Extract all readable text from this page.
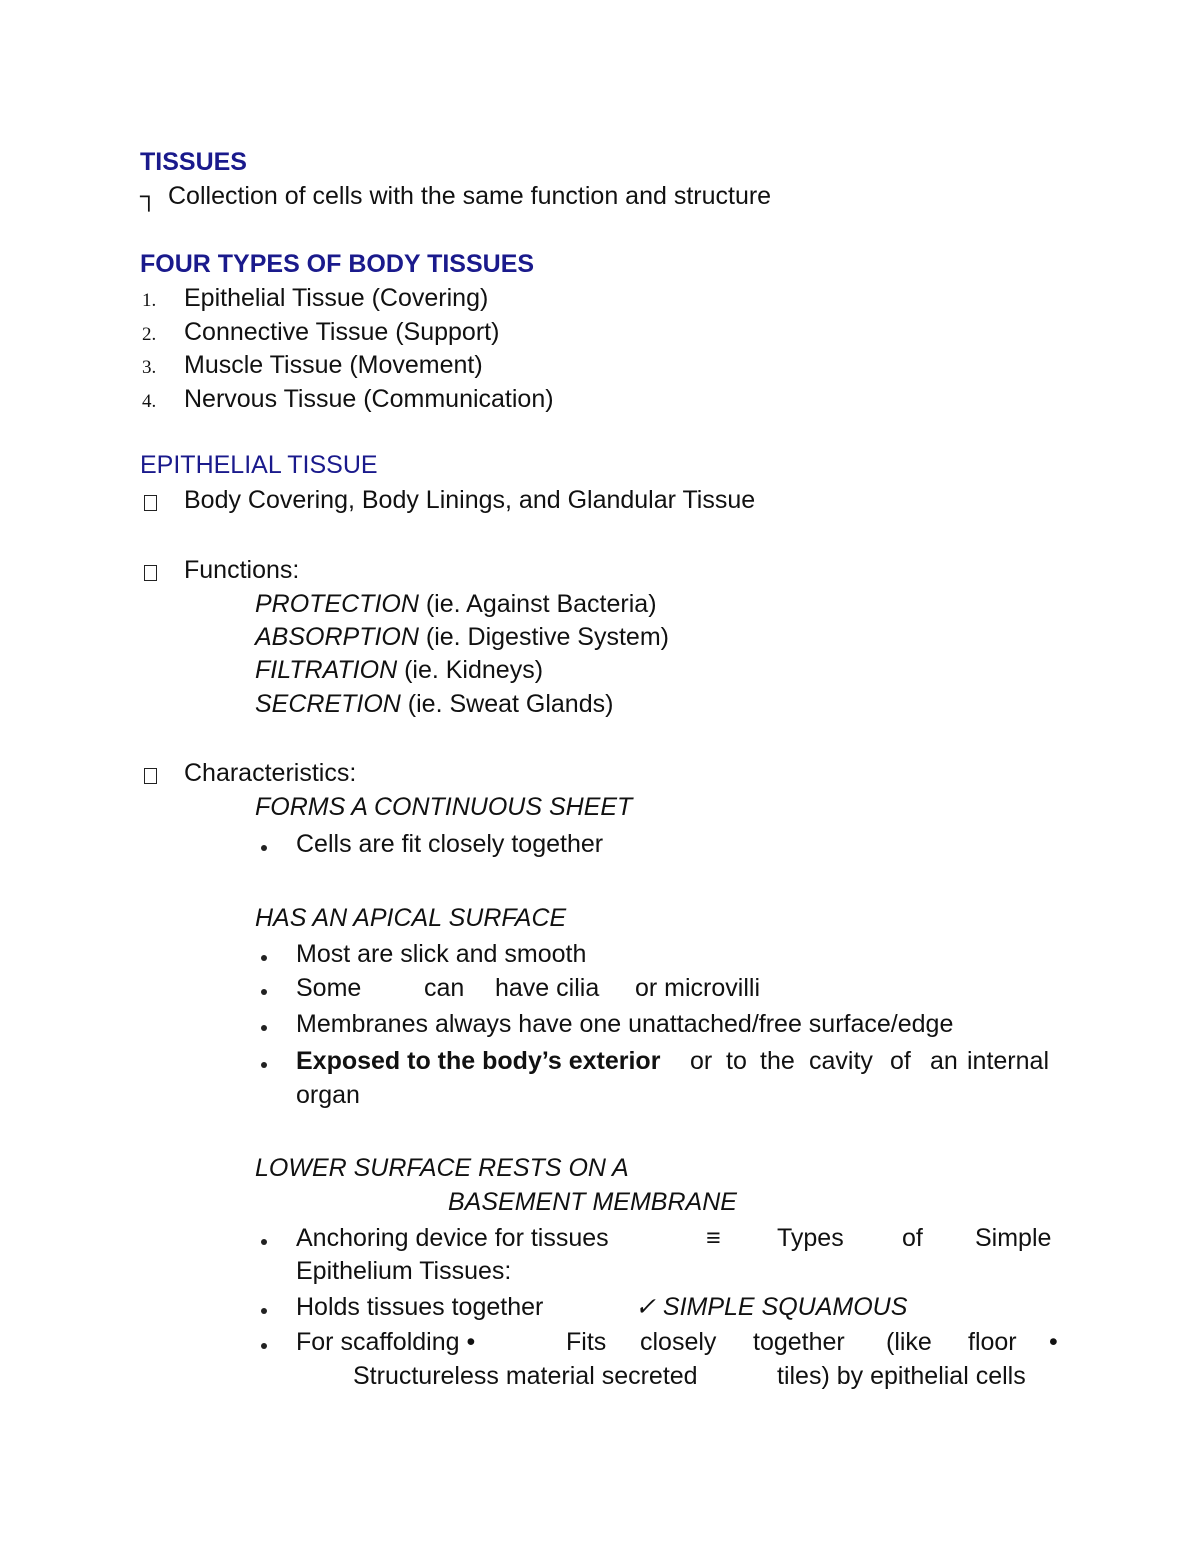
TISSUES
┐ Collection of cells with the same function and structure
FOUR TYPES OF BODY TISSUES
1. Epithelial Tissue (Covering)
2. Connective Tissue (Support)
3. Muscle Tissue (Movement)
4. Nervous Tissue (Communication)
EPITHELIAL TISSUE
Body Covering, Body Linings, and Glandular Tissue
Functions:
PROTECTION (ie. Against Bacteria)
ABSORPTION (ie. Digestive System)
FILTRATION (ie. Kidneys)
SECRETION (ie. Sweat Glands)
Characteristics:
FORMS A CONTINUOUS SHEET
Cells are fit closely together
HAS AN APICAL SURFACE
Most are slick and smooth
Some	can have cilia or microvilli
Membranes always have one unattached/free surface/edge
Exposed to the body’s exterior or to the cavity of an internal
organ
LOWER SURFACE RESTS ON A
BASEMENT MEMBRANE
Anchoring device for tissues	≡ Types of Simple
Epithelium Tissues:
Holds tissues together	✓ SIMPLE SQUAMOUS
For scaffolding •	Fits closely together (like floor •
Structureless material secreted	tiles) by epithelial cells
